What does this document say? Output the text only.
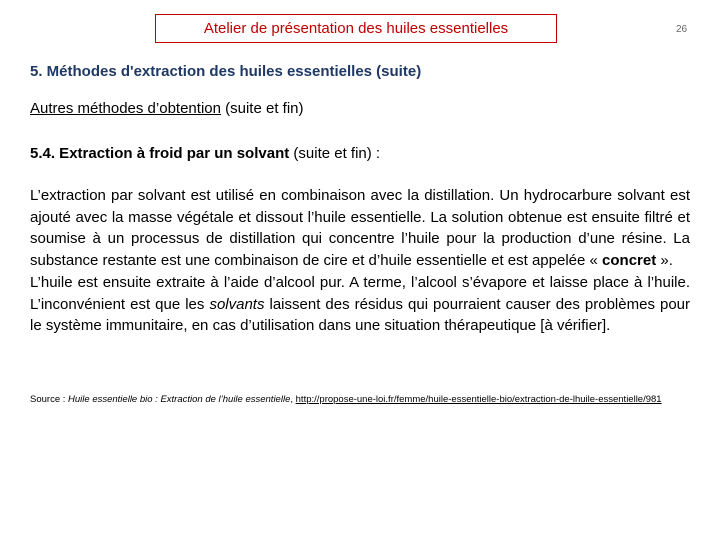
Atelier de présentation des huiles essentielles	26
5. Méthodes d'extraction des huiles essentielles (suite)
Autres méthodes d’obtention (suite et fin)
5.4. Extraction à froid par un solvant (suite et fin) :

L’extraction par solvant est utilisé en combinaison avec la distillation. Un hydrocarbure solvant est ajouté avec la masse végétale et dissout l’huile essentielle. La solution obtenue est ensuite filtré et soumise à un processus de distillation qui concentre l’huile pour la production d’une résine. La substance restante est une combinaison de cire et d’huile essentielle et est appelée « concret ».

L’huile est ensuite extraite à l’aide d’alcool pur. A terme, l’alcool s’évapore et laisse place à l’huile. L’inconvénient est que les solvants laissent des résidus qui pourraient causer des problèmes pour le système immunitaire, en cas d’utilisation dans une situation thérapeutique [à vérifier].

Source : Huile essentielle bio : Extraction de l’huile essentielle, http://propose-une-loi.fr/femme/huile-essentielle-bio/extraction-de-lhuile-essentielle/981
